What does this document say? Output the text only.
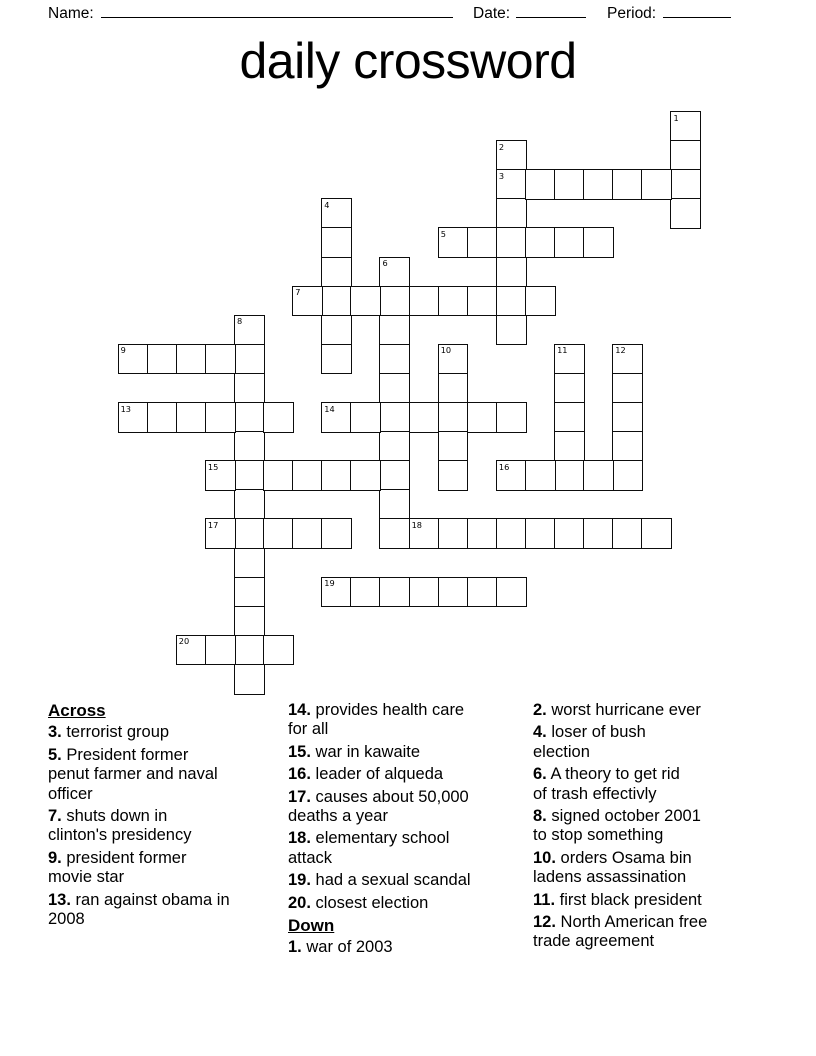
Name:	Date:	Period:
daily crossword
1
2
3
4
5
6
7
8
9	10	11	12
13	14
15	16
17	18
19
20
Across
3. terrorist group
5. President former
penut farmer and naval
officer
7. shuts down in
clinton's presidency
9. president former
movie star
13. ran against obama in
2008
14. provides health care
for all
15. war in kawaite
16. leader of alqueda
17. causes about 50,000
deaths a year
18. elementary school
attack
19. had a sexual scandal
20. closest election
Down
1. war of 2003
2. worst hurricane ever
4. loser of bush
election
6. A theory to get rid
of trash effectivly
8. signed october 2001
to stop something
10. orders Osama bin
ladens assassination
11. first black president
12. North American free
trade agreement
